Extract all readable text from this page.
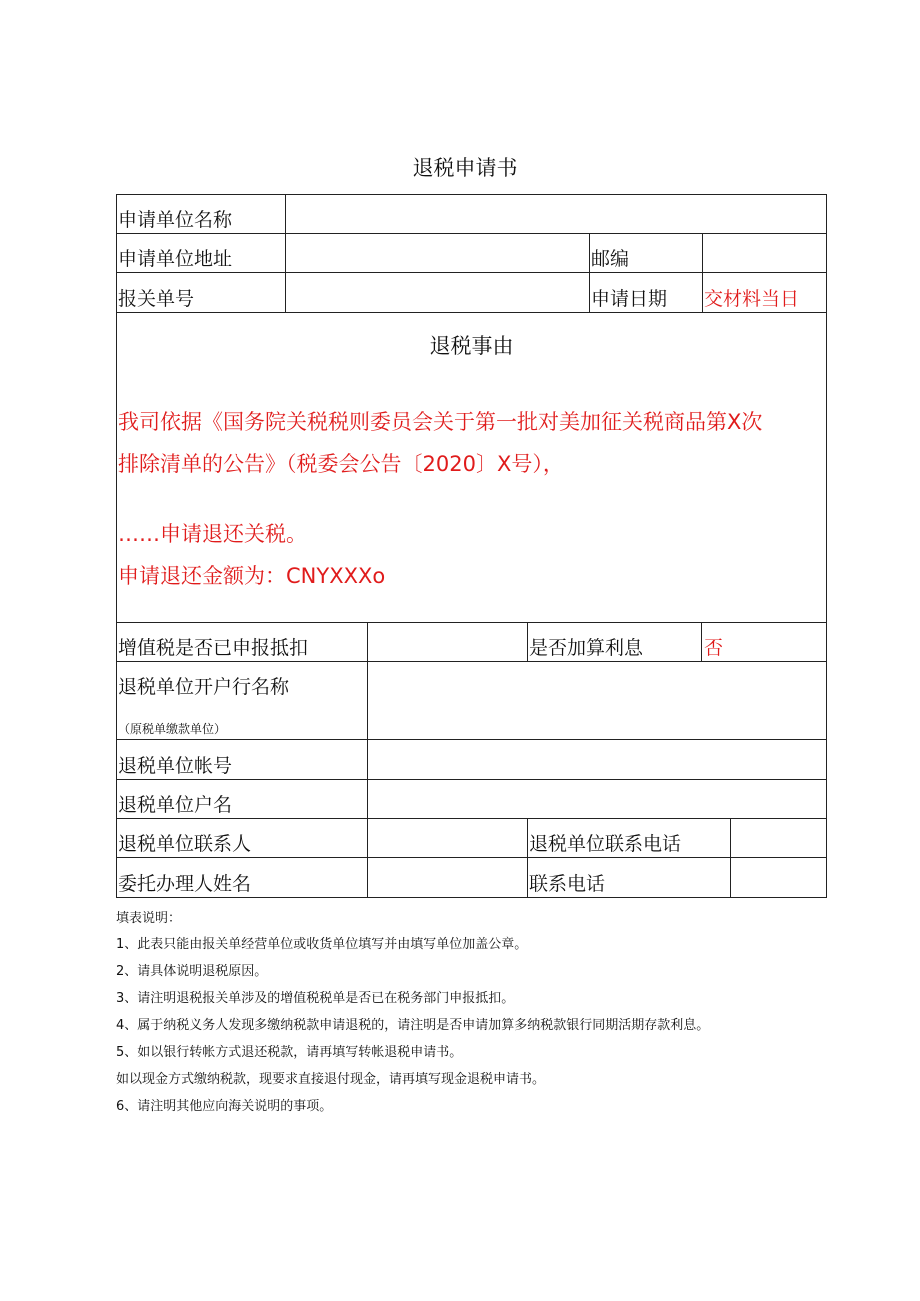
退税申请书
申请单位名称
申请单位地址	邮编
报关单号	申请日期 交材料当日
退税事由
我司依据《国务院关税税则委员会关于第一批对美加征关税商品第X次
排除清单的公告》（税委会公告〔2020〕X号），
……申请退还关税。
申请退还金额为：CNYXXXo
增值税是否已申报抵扣	是否加算利息	否
退税单位开户行名称
（原税单缴款单位）
退税单位帐号
退税单位户名
退税单位联系人	退税单位联系电话
委托办理人姓名	联系电话
填表说明：
1、此表只能由报关单经营单位或收货单位填写并由填写单位加盖公章。
2、请具体说明退税原因。
3、请注明退税报关单涉及的增值税税单是否已在税务部门申报抵扣。
4、属于纳税义务人发现多缴纳税款申请退税的，请注明是否申请加算多纳税款银行同期活期存款利息。
5、如以银行转帐方式退还税款，请再填写转帐退税申请书。
如以现金方式缴纳税款，现要求直接退付现金，请再填写现金退税申请书。
6、请注明其他应向海关说明的事项。
